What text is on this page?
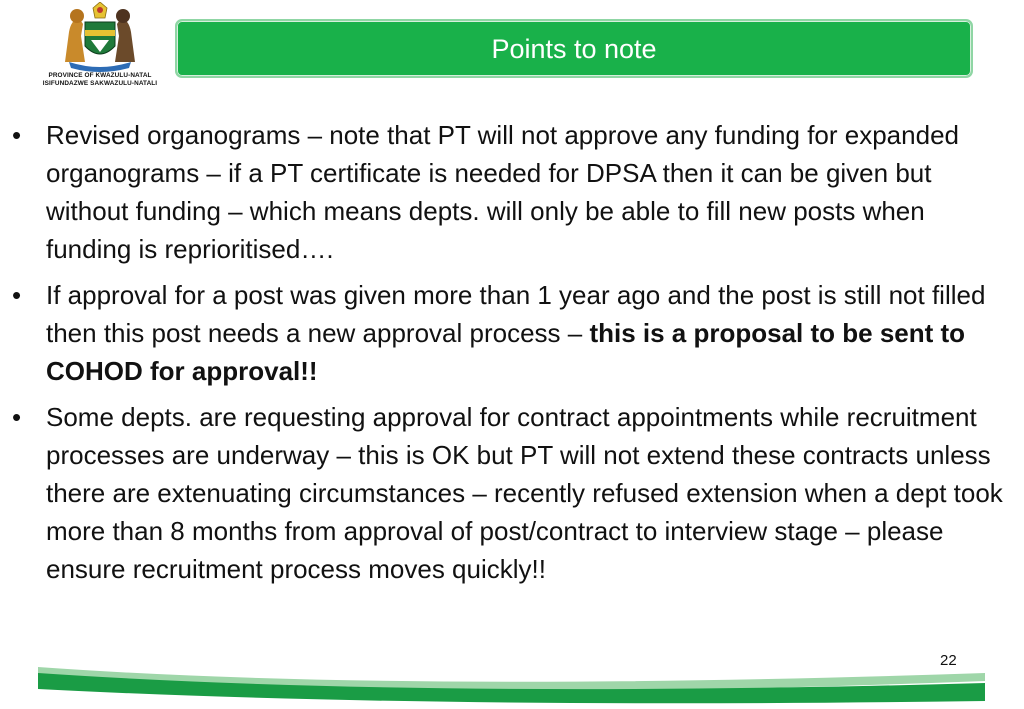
PROVINCE OF KWAZULU-NATAL
ISIFUNDAZWE SAKWAZULU-NATALI
Points to note
• Revised organograms – note that PT will not approve any funding for expanded organograms – if a PT certificate is needed for DPSA then it can be given but without funding – which means depts. will only be able to fill new posts when funding is reprioritised….
• If approval for a post was given more than 1 year ago and the post is still not filled then this post needs a new approval process – this is a proposal to be sent to COHOD for approval!!
• Some depts. are requesting approval for contract appointments while recruitment processes are underway – this is OK but PT will not extend these contracts unless there are extenuating circumstances – recently refused extension when a dept took more than 8 months from approval of post/contract to interview stage – please ensure recruitment process moves quickly!!
22
